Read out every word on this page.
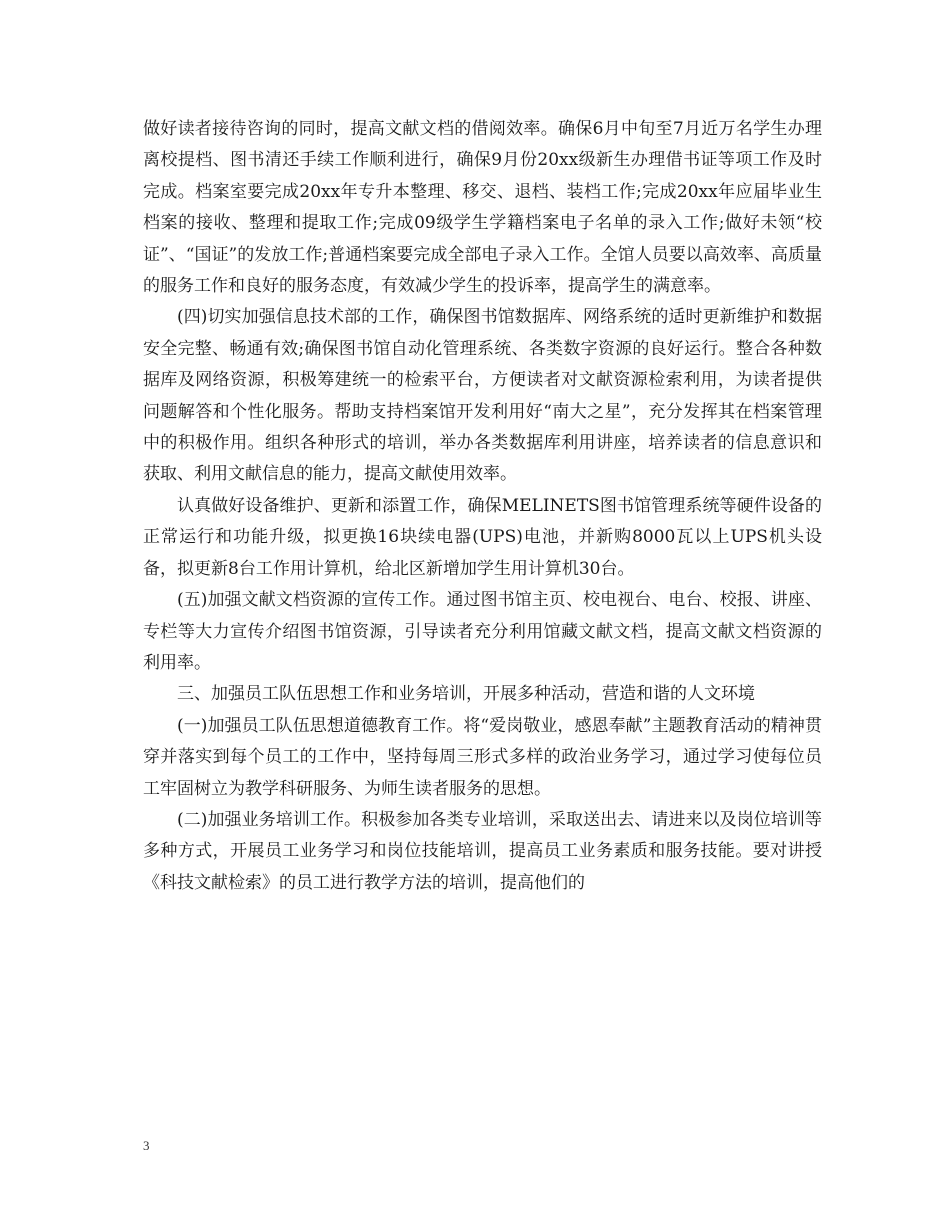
做好读者接待咨询的同时，提高文献文档的借阅效率。确保6月中旬至7月近万名学生办理离校提档、图书清还手续工作顺利进行，确保9月份20xx级新生办理借书证等项工作及时完成。档案室要完成20xx年专升本整理、移交、退档、装档工作;完成20xx年应届毕业生档案的接收、整理和提取工作;完成09级学生学籍档案电子名单的录入工作;做好未领“校证”、“国证”的发放工作;普通档案要完成全部电子录入工作。全馆人员要以高效率、高质量的服务工作和良好的服务态度，有效减少学生的投诉率，提高学生的满意率。

(四)切实加强信息技术部的工作，确保图书馆数据库、网络系统的适时更新维护和数据安全完整、畅通有效;确保图书馆自动化管理系统、各类数字资源的良好运行。整合各种数据库及网络资源，积极筹建统一的检索平台，方便读者对文献资源检索利用，为读者提供问题解答和个性化服务。帮助支持档案馆开发利用好“南大之星”，充分发挥其在档案管理中的积极作用。组织各种形式的培训，举办各类数据库利用讲座，培养读者的信息意识和获取、利用文献信息的能力，提高文献使用效率。

认真做好设备维护、更新和添置工作，确保MELINETS图书馆管理系统等硬件设备的正常运行和功能升级，拟更换16块续电器(UPS)电池，并新购8000瓦以上UPS机头设备，拟更新8台工作用计算机，给北区新增加学生用计算机30台。

(五)加强文献文档资源的宣传工作。通过图书馆主页、校电视台、电台、校报、讲座、专栏等大力宣传介绍图书馆资源，引导读者充分利用馆藏文献文档，提高文献文档资源的利用率。

三、加强员工队伍思想工作和业务培训，开展多种活动，营造和谐的人文环境

(一)加强员工队伍思想道德教育工作。将“爱岗敬业，感恩奉献”主题教育活动的精神贯穿并落实到每个员工的工作中，坚持每周三形式多样的政治业务学习，通过学习使每位员工牢固树立为教学科研服务、为师生读者服务的思想。

(二)加强业务培训工作。积极参加各类专业培训，采取送出去、请进来以及岗位培训等多种方式，开展员工业务学习和岗位技能培训，提高员工业务素质和服务技能。要对讲授《科技文献检索》的员工进行教学方法的培训，提高他们的

3
